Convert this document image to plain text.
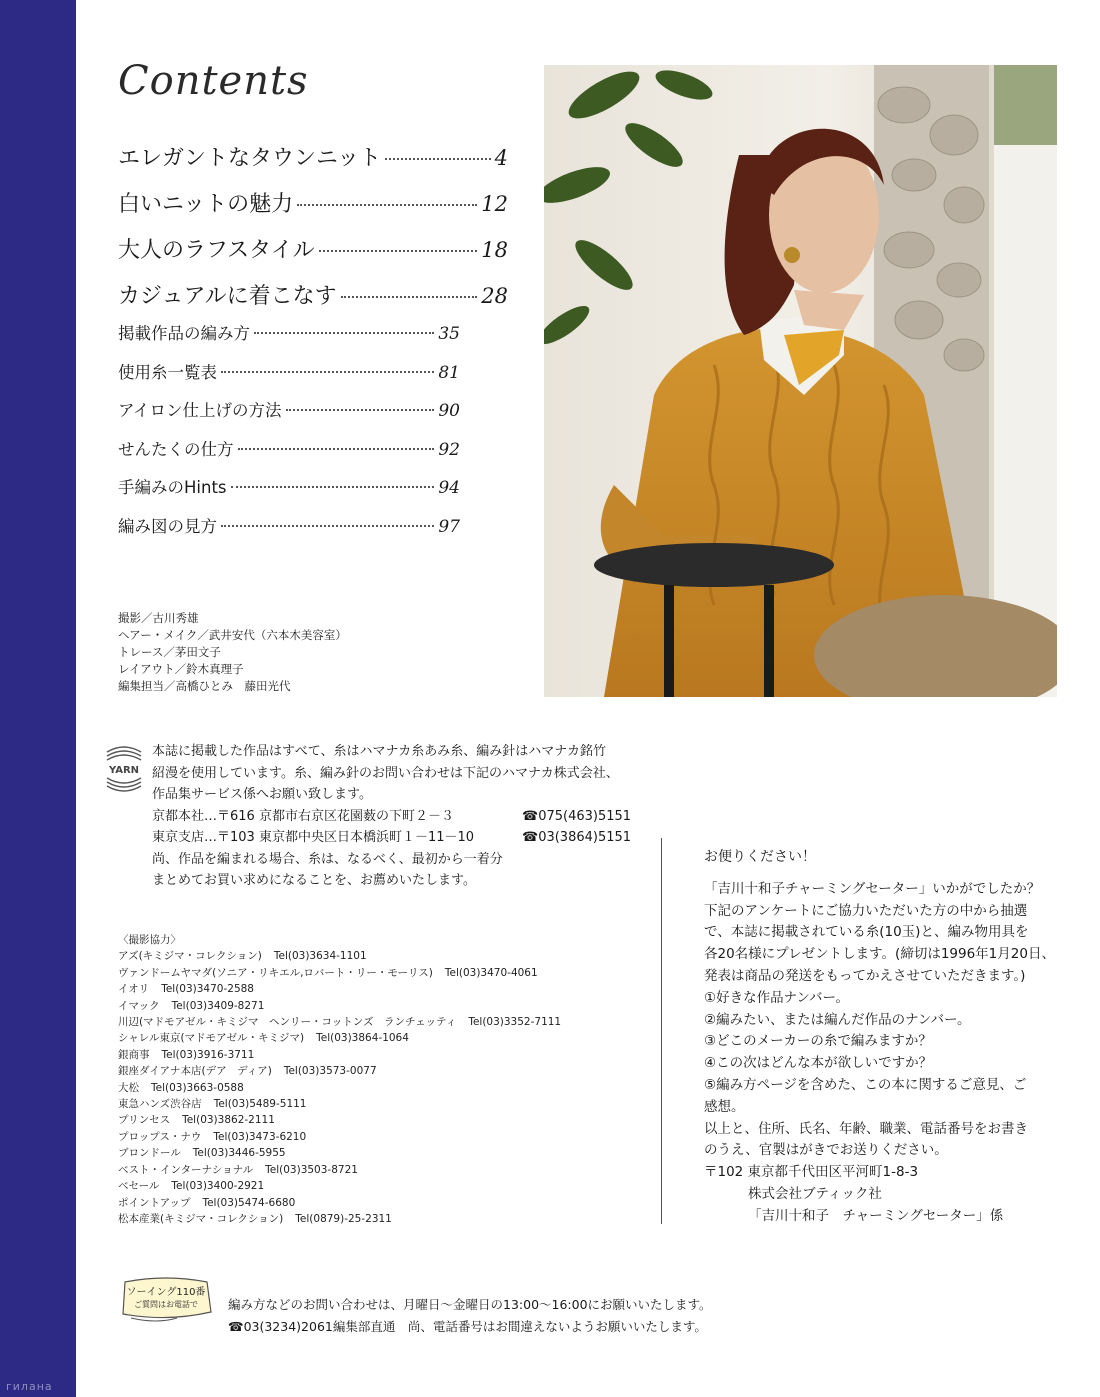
гилана
Contents
エレガントなタウンニット	4
白いニットの魅力	12
大人のラフスタイル	18
カジュアルに着こなす	28
掲載作品の編み方	35
使用糸一覧表	81
アイロン仕上げの方法	90
せんたくの仕方	92
手編みのHints	94
編み図の見方	97
撮影／古川秀雄
ヘアー・メイク／武井安代（六本木美容室）
トレース／茅田文子
レイアウト／鈴木真理子
編集担当／高橋ひとみ　藤田光代
YARN
本誌に掲載した作品はすべて、糸はハマナカ糸あみ糸、編み針はハマナカ銘竹
紹漫を使用しています。糸、編み針のお問い合わせは下記のハマナカ株式会社、
作品集サービス係へお願い致します。
京都本社…〒616 京都市右京区花園薮の下町２－３	☎075(463)5151
東京支店…〒103 東京都中央区日本橋浜町１－11－10	☎03(3864)5151
尚、作品を編まれる場合、糸は、なるべく、最初から一着分
まとめてお買い求めになることを、お薦めいたします。
〈撮影協力〉
アズ(キミジマ・コレクション) Tel(03)3634-1101
ヴァンドームヤマダ(ソニア・リキエル,ロバート・リー・モーリス) Tel(03)3470-4061
イオリ Tel(03)3470-2588
イマック Tel(03)3409-8271
川辺(マドモアゼル・キミジマ　ヘンリー・コットンズ　ランチェッティ Tel(03)3352-7111
シャレル東京(マドモアゼル・キミジマ) Tel(03)3864-1064
銀商事 Tel(03)3916-3711
銀座ダイアナ本店(デア　ディア) Tel(03)3573-0077
大松 Tel(03)3663-0588
東急ハンズ渋谷店 Tel(03)5489-5111
プリンセス Tel(03)3862-2111
プロップス・ナウ Tel(03)3473-6210
ブロンドール Tel(03)3446-5955
ベスト・インターナショナル Tel(03)3503-8721
ベセール Tel(03)3400-2921
ポイントアップ Tel(03)5474-6680
松本産業(キミジマ・コレクション) Tel(0879)-25-2311
お便りください！

「吉川十和子チャーミングセーター」いかがでしたか？

下記のアンケートにご協力いただいた方の中から抽選

で、本誌に掲載されている糸(10玉)と、編み物用具を

各20名様にプレゼントします。(締切は1996年1月20日、

発表は商品の発送をもってかえさせていただきます。)

①好きな作品ナンバー。

②編みたい、または編んだ作品のナンバー。

③どこのメーカーの糸で編みますか？

④この次はどんな本が欲しいですか？

⑤編み方ページを含めた、この本に関するご意見、ご

感想。

以上と、住所、氏名、年齢、職業、電話番号をお書き

のうえ、官製はがきでお送りください。

〒102 東京都千代田区平河町1-8-3

株式会社ブティック社
「吉川十和子　チャーミングセーター」係
ソーイング110番
ご質問はお電話で 編み方などのお問い合わせは、月曜日〜金曜日の13:00〜16:00にお願いいたします。
☎03(3234)2061編集部直通　尚、電話番号はお間違えないようお願いいたします。
